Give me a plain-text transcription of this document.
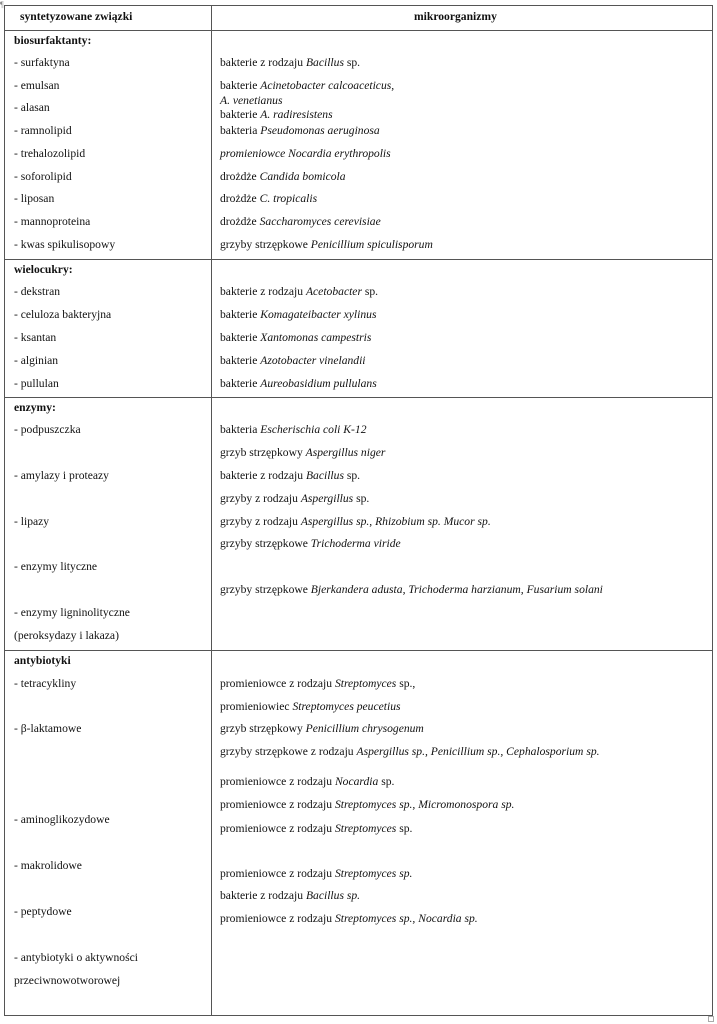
¶
syntetyzowane związki	mikroorganizmy
biosurfaktanty:
wielocukry:
enzymy:
antybiotyki
- surfaktyna
- emulsan
- alasan
- ramnolipid
- trehalozolipid
- soforolipid
- liposan
- mannoproteina
- kwas spikulisopowy
- dekstran
- celuloza bakteryjna
- ksantan
- alginian
- pullulan
- podpuszczka
- amylazy i proteazy
- lipazy
- enzymy lityczne
- enzymy ligninolityczne
(peroksydazy i lakaza)
- tetracykliny
- β-laktamowe
- aminoglikozydowe
- makrolidowe
- peptydowe
- antybiotyki o aktywności
przeciwnowotworowej
bakterie z rodzaju Bacillus sp.
bakterie Acinetobacter calcoaceticus,
A. venetianus
bakterie A. radiresistens
bakteria Pseudomonas aeruginosa
promieniowce Nocardia erythropolis
drożdże Candida bomicola
drożdże C. tropicalis
drożdże Saccharomyces cerevisiae
grzyby strzępkowe Penicillium spiculisporum
bakterie z rodzaju Acetobacter sp.
bakterie Komagateibacter xylinus
bakterie Xantomonas campestris
bakterie Azotobacter vinelandii
bakterie Aureobasidium pullulans
bakteria Escherischia coli K-12
grzyb strzępkowy Aspergillus niger
bakterie z rodzaju Bacillus sp.
grzyby z rodzaju Aspergillus sp.
grzyby z rodzaju Aspergillus sp., Rhizobium sp. Mucor sp.
grzyby strzępkowe Trichoderma viride
grzyby strzępkowe Bjerkandera adusta, Trichoderma harzianum, Fusarium solani
promieniowce z rodzaju Streptomyces sp.,
promieniowiec Streptomyces peucetius
grzyb strzępkowy Penicillium chrysogenum
grzyby strzępkowe z rodzaju Aspergillus sp., Penicillium sp., Cephalosporium sp.
promieniowce z rodzaju Nocardia sp.
promieniowce z rodzaju Streptomyces sp., Micromonospora sp.
promieniowce z rodzaju Streptomyces sp.
promieniowce z rodzaju Streptomyces sp.
bakterie z rodzaju Bacillus sp.
promieniowce z rodzaju Streptomyces sp., Nocardia sp.
